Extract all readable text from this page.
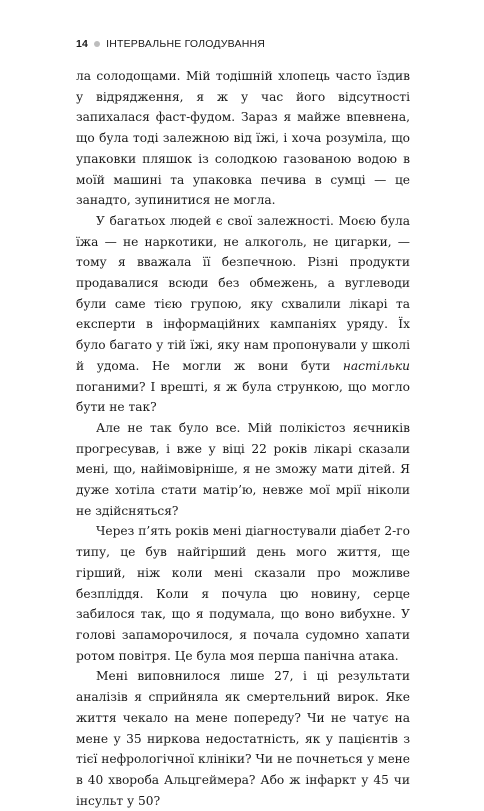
14 ІНТЕРВАЛЬНЕ ГОЛОДУВАННЯ

ла солодощами. Мій тодішній хлопець часто їздив у відрядження, я ж у час його відсутності запихалася фаст-фудом. Зараз я майже впевнена, що була тоді залежною від їжі, і хоча розуміла, що упаковки пляшок із солодкою газованою водою в моїй машині та упаковка печива в сумці — це занадто, зупинитися не могла.

У багатьох людей є свої залежності. Моєю була їжа — не наркотики, не алкоголь, не цигарки, — тому я вважала її безпечною. Різні продукти продавалися всюди без обмежень, а вуглеводи були саме тією групою, яку схвалили лікарі та експерти в інформаційних кампаніях уряду. Їх було багато у тій їжі, яку нам пропонували у школі й удома. Не могли ж вони бути настільки поганими? І врешті, я ж була стрункою, що могло бути не так?

Але не так було все. Мій полікістоз яєчників прогресував, і вже у віці 22 років лікарі сказали мені, що, найімовірніше, я не зможу мати дітей. Я дуже хотіла стати матір’ю, невже мої мрії ніколи не здійсняться?

Через п’ять років мені діагностували діабет 2-го типу, це був найгірший день мого життя, ще гірший, ніж коли мені сказали про можливе безпліддя. Коли я почула цю новину, серце забилося так, що я подумала, що воно вибухне. У голові запаморочилося, я почала судомно хапати ротом повітря. Це була моя перша панічна атака.

Мені виповнилося лише 27, і ці результати аналізів я сприйняла як смертельний вирок. Яке життя чекало на мене попереду? Чи не чатує на мене у 35 ниркова недостатність, як у пацієнтів з тієї нефрологічної клініки? Чи не почнеться у мене в 40 хвороба Альцгеймера? Або ж інфаркт у 45 чи інсульт у 50?
